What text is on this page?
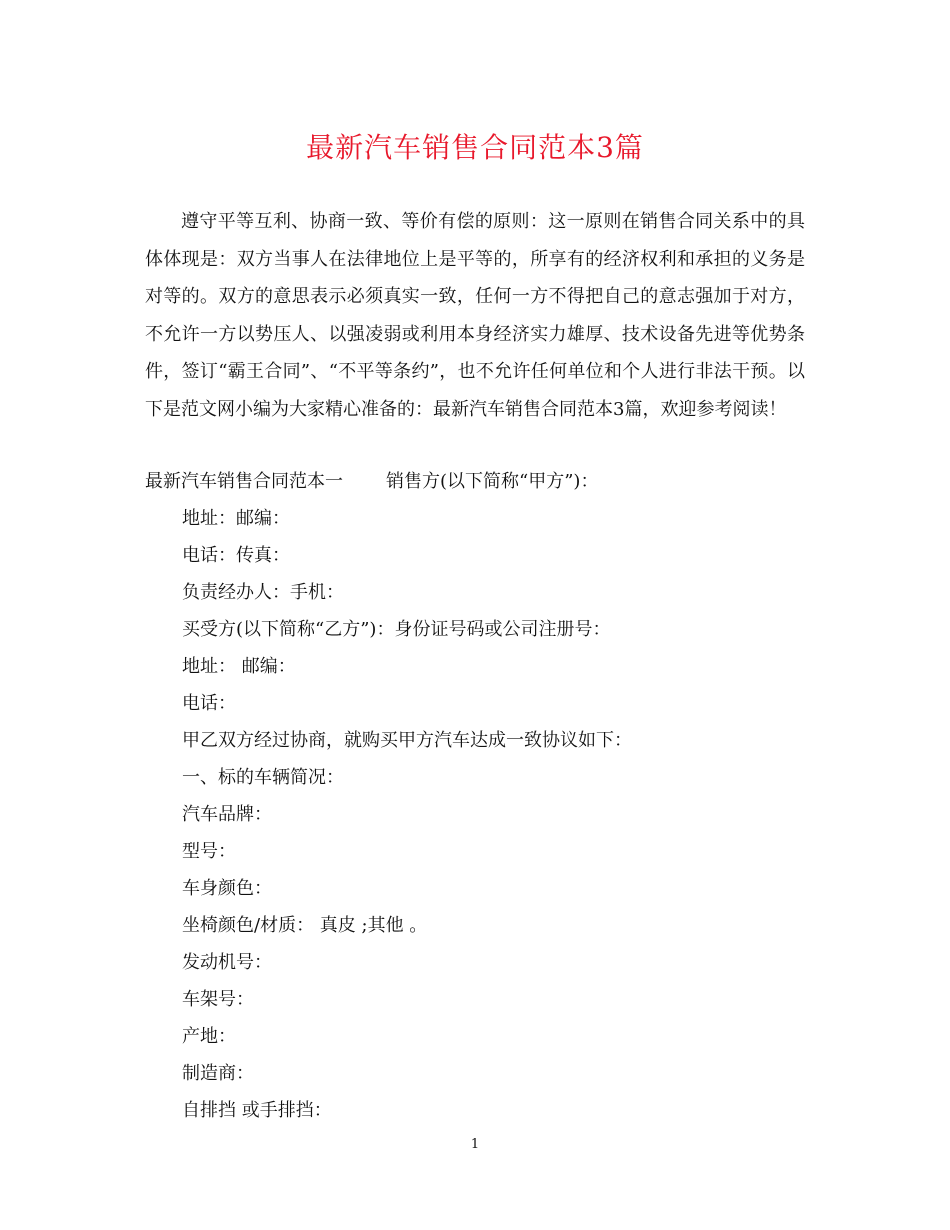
最新汽车销售合同范本3篇

遵守平等互利、协商一致、等价有偿的原则：这一原则在销售合同关系中的具体体现是：双方当事人在法律地位上是平等的，所享有的经济权利和承担的义务是对等的。双方的意思表示必须真实一致，任何一方不得把自己的意志强加于对方，不允许一方以势压人、以强凌弱或利用本身经济实力雄厚、技术设备先进等优势条件，签订“霸王合同”、“不平等条约”，也不允许任何单位和个人进行非法干预。以下是范文网小编为大家精心准备的：最新汽车销售合同范本3篇，欢迎参考阅读！

最新汽车销售合同范本一 销售方(以下简称“甲方”)：
地址：邮编：
电话：传真：
负责经办人：手机：
买受方(以下简称“乙方”)：身份证号码或公司注册号：
地址： 邮编：
电话：
甲乙双方经过协商，就购买甲方汽车达成一致协议如下：
一、标的车辆简况：
汽车品牌：
型号：
车身颜色：
坐椅颜色/材质： 真皮 ;其他 。
发动机号：
车架号：
产地：
制造商：
自排挡 或手排挡：
1
